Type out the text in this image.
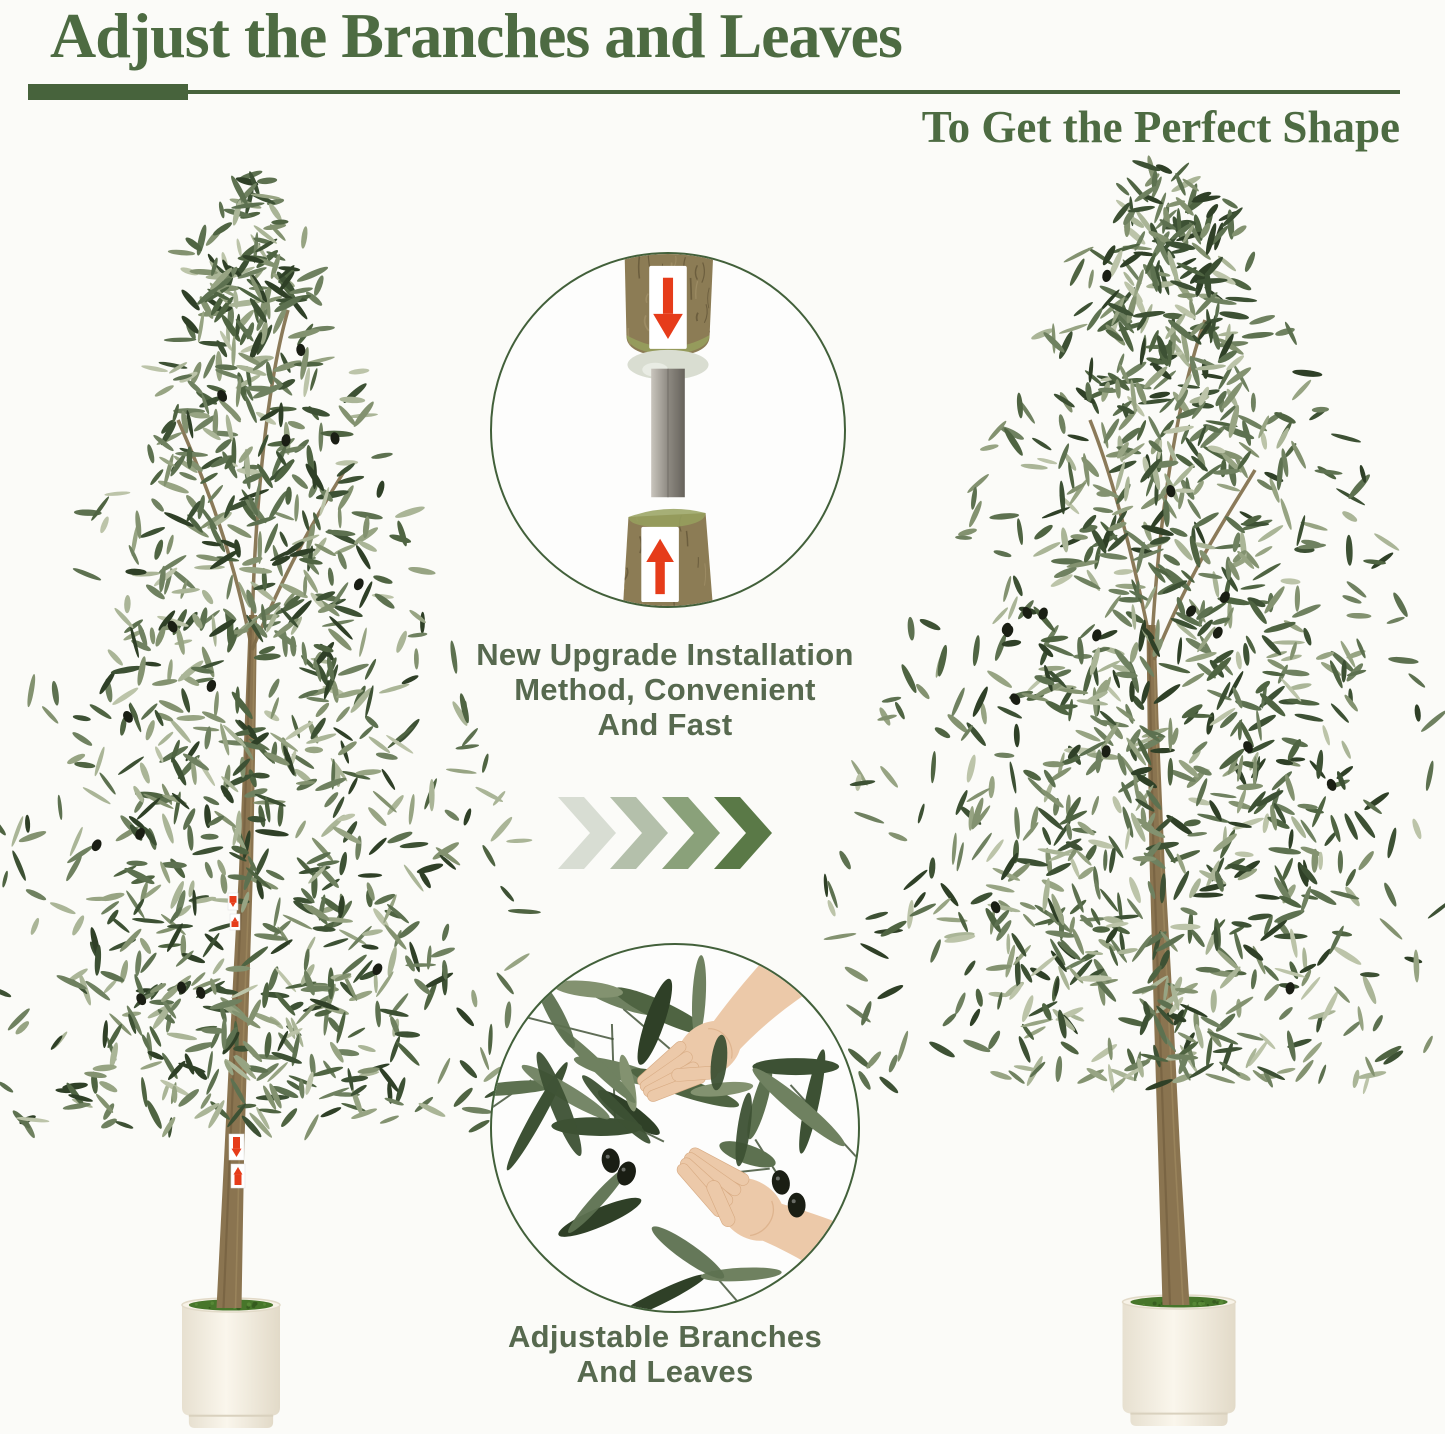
Adjust the Branches and Leaves
To Get the Perfect Shape
New Upgrade Installation
Method, Convenient
And Fast
Adjustable Branches
And Leaves
